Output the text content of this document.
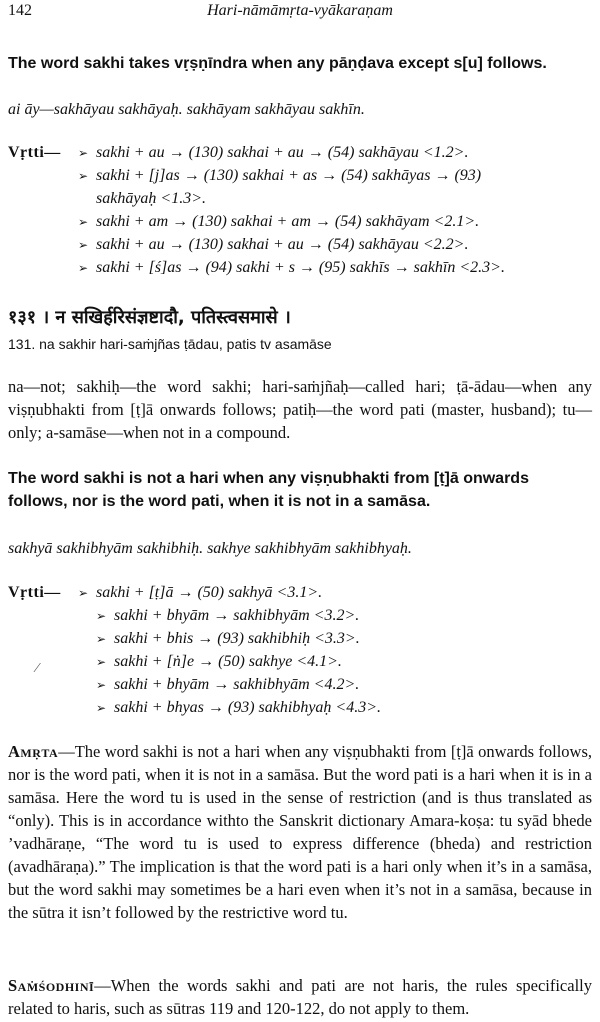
142	Hari-nāmāmṛta-vyākaraṇam
The word sakhi takes vṛṣṇīndra when any pāṇḍava except s[u] follows.
ai āy—sakhāyau sakhāyaḥ. sakhāyam sakhāyau sakhīn.
Vṛtti— ➢ sakhi + au → (130) sakhai + au → (54) sakhāyau <1.2>.
➢ sakhi + [j]as → (130) sakhai + as → (54) sakhāyas → (93)
sakhāyaḥ <1.3>.
➢ sakhi + am → (130) sakhai + am → (54) sakhāyam <2.1>.
➢ sakhi + au → (130) sakhai + au → (54) sakhāyau <2.2>.
➢ sakhi + [ś]as → (94) sakhi + s → (95) sakhīs → sakhīn <2.3>.
१३१ । न सखिर्हरिसंज्ञष्टादौ, पतिस्त्वसमासे ।
131. na sakhir hari-saṁjñas ṭādau, patis tv asamāse
na—not; sakhiḥ—the word sakhi; hari-saṁjñaḥ—called hari; ṭā-ādau—when any viṣṇubhakti from [ṭ]ā onwards follows; patiḥ—the word pati (master, husband); tu—only; a-samāse—when not in a compound.
The word sakhi is not a hari when any viṣṇubhakti from [ṭ]ā onwards follows, nor is the word pati, when it is not in a samāsa.
sakhyā sakhibhyām sakhibhiḥ. sakhye sakhibhyām sakhibhyaḥ.
Vṛtti— ➢ sakhi + [ṭ]ā → (50) sakhyā <3.1>.
➢ sakhi + bhyām → sakhibhyām <3.2>.
➢ sakhi + bhis → (93) sakhibhiḥ <3.3>.
➢ sakhi + [ṅ]e → (50) sakhye <4.1>.
➢ sakhi + bhyām → sakhibhyām <4.2>.
➢ sakhi + bhyas → (93) sakhibhyaḥ <4.3>.
⁄
Amṛta—The word sakhi is not a hari when any viṣṇubhakti from [ṭ]ā onwards follows, nor is the word pati, when it is not in a samāsa. But the word pati is a hari when it is in a samāsa. Here the word tu is used in the sense of restriction (and is thus translated as “only). This is in accordance withto the Sanskrit dictionary Amara-koṣa: tu syād bhede ’vadhāraṇe, “The word tu is used to express difference (bheda) and restriction (avadhāraṇa).” The implication is that the word pati is a hari only when it’s in a samāsa, but the word sakhi may sometimes be a hari even when it’s not in a samāsa, because in the sūtra it isn’t followed by the restrictive word tu.
Saṁśodhinī—When the words sakhi and pati are not haris, the rules specifically related to haris, such as sūtras 119 and 120-122, do not apply to them.
